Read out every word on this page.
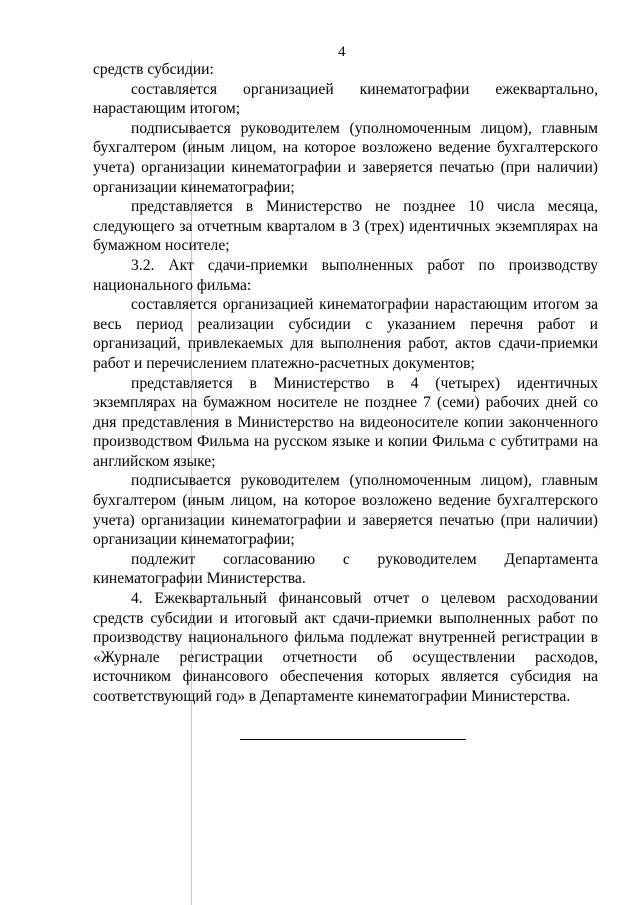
4

средств субсидии:

составляется организацией кинематографии ежеквартально, нарастающим итогом;

подписывается руководителем (уполномоченным лицом), главным бухгалтером (иным лицом, на которое возложено ведение бухгалтерского учета) организации кинематографии и заверяется печатью (при наличии) организации кинематографии;

представляется в Министерство не позднее 10 числа месяца, следующего за отчетным кварталом в 3 (трех) идентичных экземплярах на бумажном носителе;

3.2. Акт сдачи-приемки выполненных работ по производству национального фильма:

составляется организацией кинематографии нарастающим итогом за весь период реализации субсидии с указанием перечня работ и организаций, привлекаемых для выполнения работ, актов сдачи-приемки работ и перечислением платежно-расчетных документов;

представляется в Министерство в 4 (четырех) идентичных экземплярах на бумажном носителе не позднее 7 (семи) рабочих дней со дня представления в Министерство на видеоносителе копии законченного производством Фильма на русском языке и копии Фильма с субтитрами на английском языке;

подписывается руководителем (уполномоченным лицом), главным бухгалтером (иным лицом, на которое возложено ведение бухгалтерского учета) организации кинематографии и заверяется печатью (при наличии) организации кинематографии;

подлежит согласованию с руководителем Департамента кинематографии Министерства.

4. Ежеквартальный финансовый отчет о целевом расходовании средств субсидии и итоговый акт сдачи-приемки выполненных работ по производству национального фильма подлежат внутренней регистрации в «Журнале регистрации отчетности об осуществлении расходов, источником финансового обеспечения которых является субсидия на соответствующий год» в Департаменте кинематографии Министерства.
